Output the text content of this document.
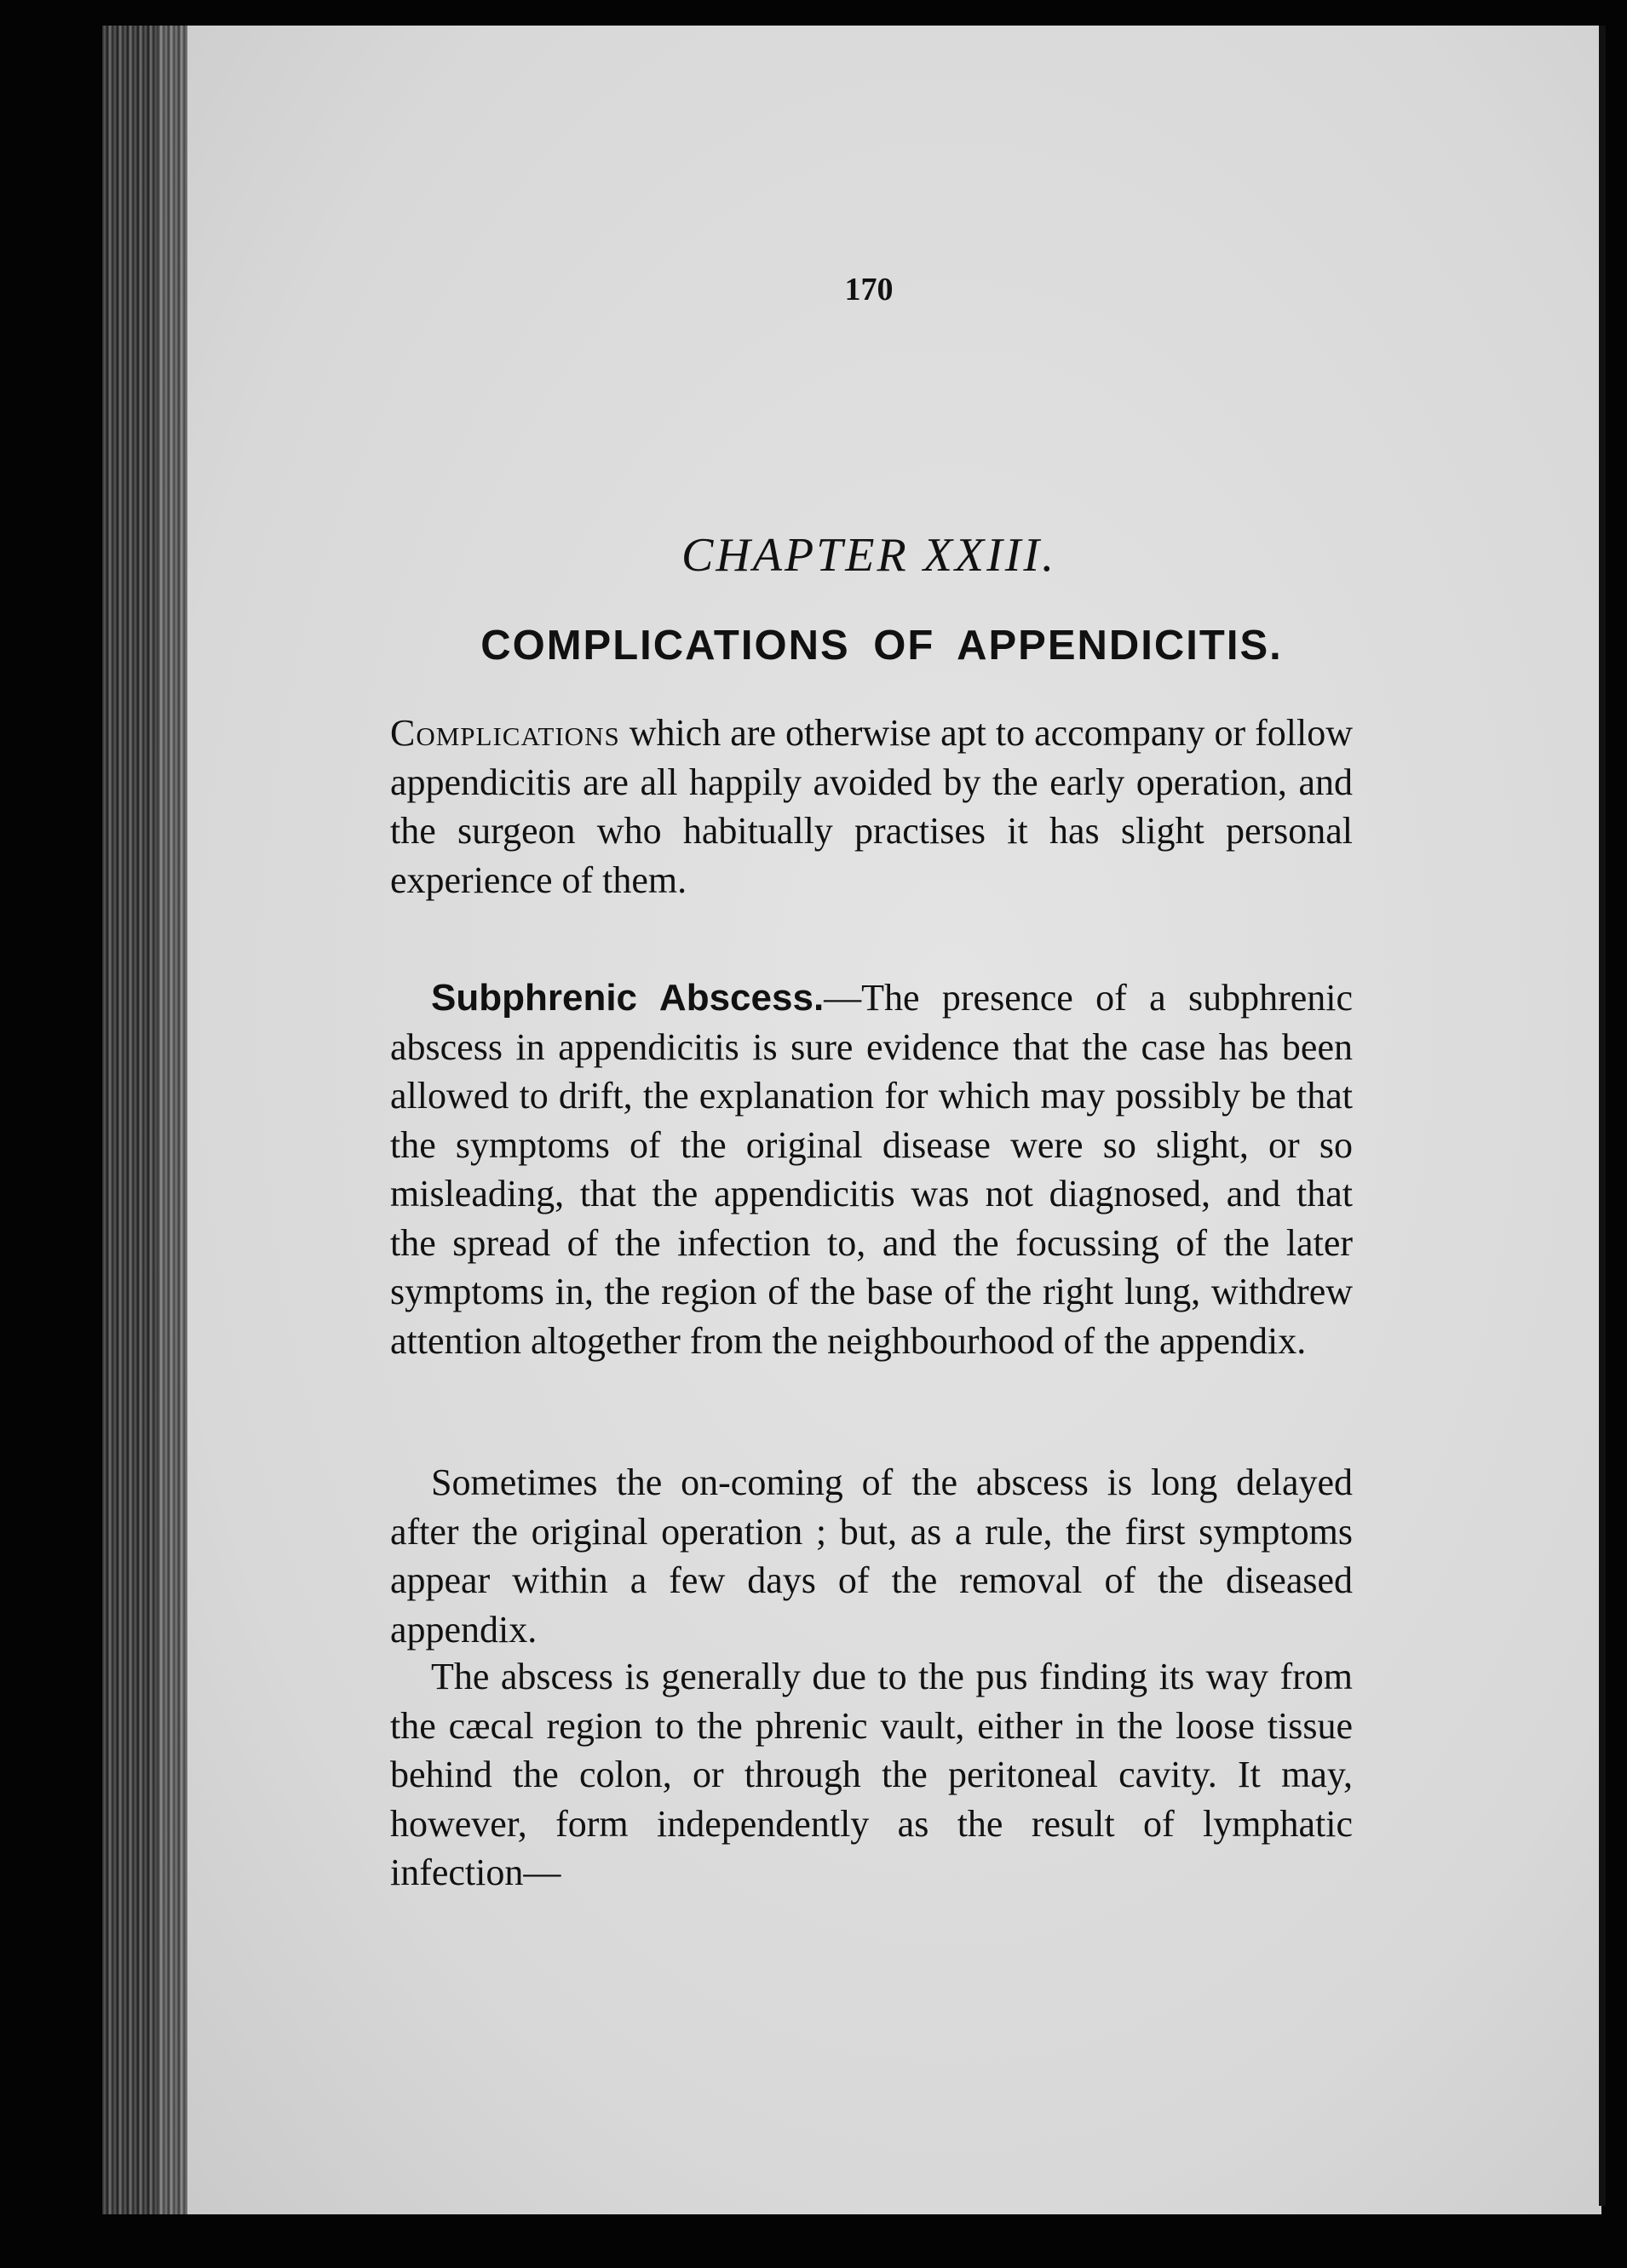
170
CHAPTER XXIII.
COMPLICATIONS OF APPENDICITIS.

Complications which are otherwise apt to accompany or follow appendicitis are all happily avoided by the early operation, and the surgeon who habitually practises it has slight personal experience of them.

Subphrenic Abscess.—The presence of a subphrenic abscess in appendicitis is sure evidence that the case has been allowed to drift, the explanation for which may possibly be that the symptoms of the original disease were so slight, or so misleading, that the appendicitis was not diagnosed, and that the spread of the infection to, and the focussing of the later symptoms in, the region of the base of the right lung, withdrew attention altogether from the neighbourhood of the appendix.

Sometimes the on-coming of the abscess is long delayed after the original operation ; but, as a rule, the first symptoms appear within a few days of the removal of the diseased appendix.

The abscess is generally due to the pus finding its way from the cæcal region to the phrenic vault, either in the loose tissue behind the colon, or through the peritoneal cavity. It may, however, form independently as the result of lymphatic infection—
